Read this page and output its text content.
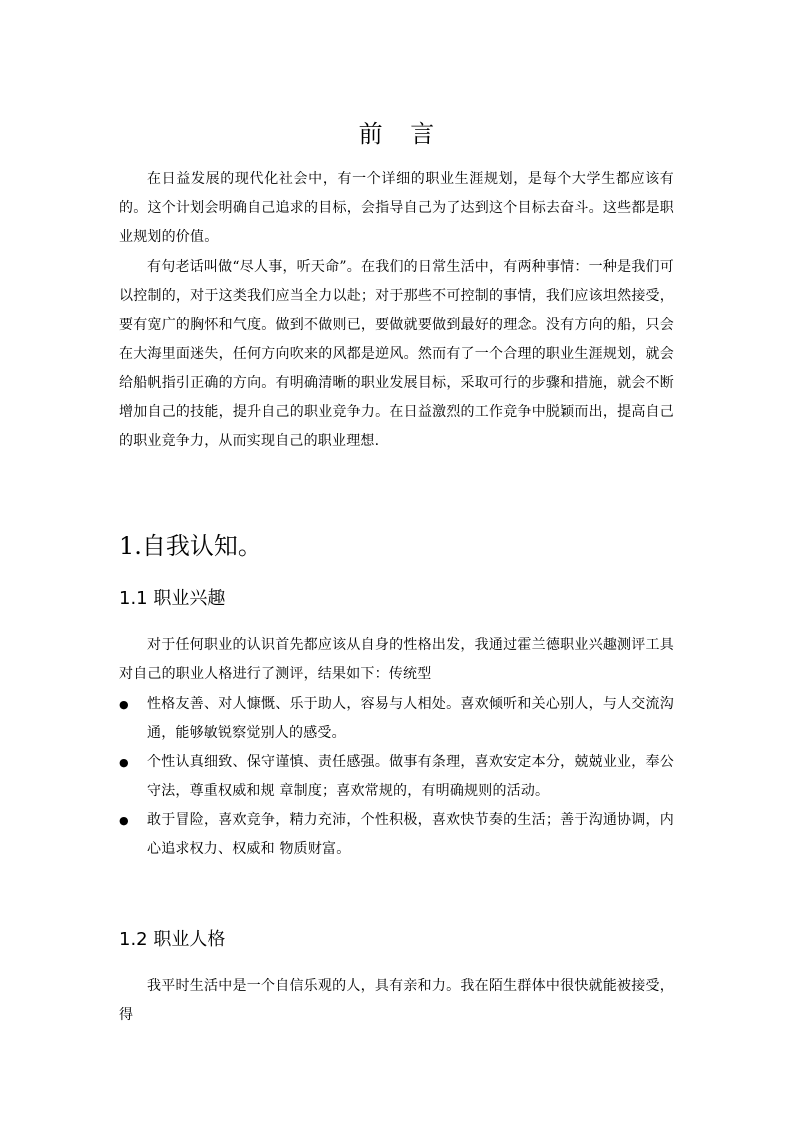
前 言

在日益发展的现代化社会中，有一个详细的职业生涯规划，是每个大学生都应该有的。这个计划会明确自己追求的目标，会指导自己为了达到这个目标去奋斗。这些都是职业规划的价值。

有句老话叫做“尽人事，听天命”。在我们的日常生活中，有两种事情：一种是我们可以控制的，对于这类我们应当全力以赴；对于那些不可控制的事情，我们应该坦然接受，要有宽广的胸怀和气度。做到不做则已，要做就要做到最好的理念。没有方向的船，只会在大海里面迷失，任何方向吹来的风都是逆风。然而有了一个合理的职业生涯规划，就会给船帆指引正确的方向。有明确清晰的职业发展目标，采取可行的步骤和措施，就会不断增加自己的技能，提升自己的职业竞争力。在日益激烈的工作竞争中脱颖而出，提高自己的职业竞争力，从而实现自己的职业理想.

1.自我认知。
1.1 职业兴趣

对于任何职业的认识首先都应该从自身的性格出发，我通过霍兰德职业兴趣测评工具对自己的职业人格进行了测评，结果如下：传统型

● 性格友善、对人慷慨、乐于助人，容易与人相处。喜欢倾听和关心别人，与人交流沟通，能够敏锐察觉别人的感受。
● 个性认真细致、保守谨慎、责任感强。做事有条理，喜欢安定本分，兢兢业业，奉公守法，尊重权威和规 章制度；喜欢常规的，有明确规则的活动。
● 敢于冒险，喜欢竞争，精力充沛，个性积极，喜欢快节奏的生活；善于沟通协调，内心追求权力、权威和 物质财富。
1.2 职业人格

我平时生活中是一个自信乐观的人，具有亲和力。我在陌生群体中很快就能被接受，得
